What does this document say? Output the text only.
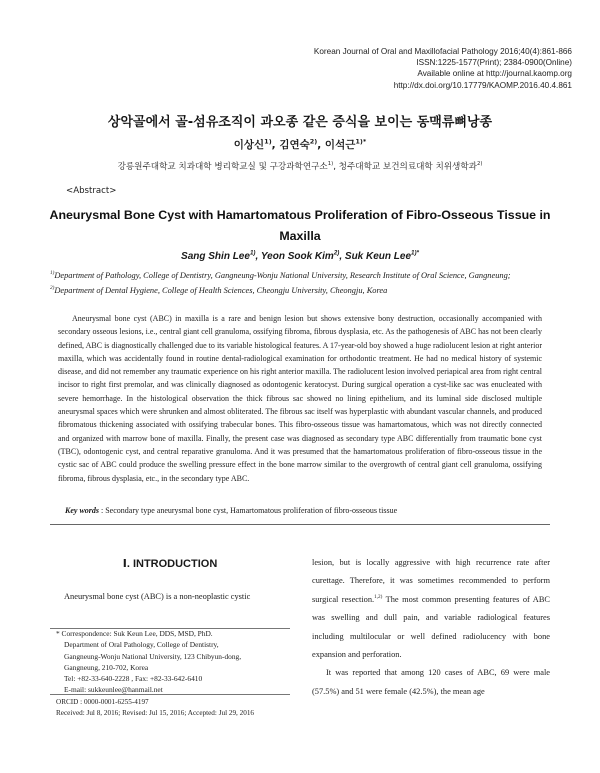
Korean Journal of Oral and Maxillofacial Pathology 2016;40(4):861-866
ISSN:1225-1577(Print); 2384-0900(Online)
Available online at http://journal.kaomp.org
http://dx.doi.org/10.17779/KAOMP.2016.40.4.861
상악골에서 골-섬유조직이 과오종 같은 증식을 보이는 동맥류뼈낭종
이상신$^{1)}$, 김연숙$^{2)}$, 이석근$^{1)*}$
강릉원주대학교 치과대학 병리학교실 및 구강과학연구소$^{1)}$, 청주대학교 보건의료대학 치위생학과$^{2)}$
<Abstract>
Aneurysmal Bone Cyst with Hamartomatous Proliferation of Fibro-Osseous Tissue in Maxilla
Sang Shin Lee$^{1)}$, Yeon Sook Kim$^{2)}$, Suk Keun Lee$^{1)*}$
$^{1)}$Department of Pathology, College of Dentistry, Gangneung-Wonju National University, Research Institute of Oral Science, Gangneung; $^{2)}$Department of Dental Hygiene, College of Health Sciences, Cheongju University, Cheongju, Korea
Aneurysmal bone cyst (ABC) in maxilla is a rare and benign lesion but shows extensive bony destruction, occasionally accompanied with secondary osseous lesions, i.e., central giant cell granuloma, ossifying fibroma, fibrous dysplasia, etc. As the pathogenesis of ABC has not been clearly defined, ABC is diagnostically challenged due to its variable histological features. A 17-year-old boy showed a huge radiolucent lesion at right anterior maxilla, which was accidentally found in routine dental-radiological examination for orthodontic treatment. He had no medical history of systemic disease, and did not remember any traumatic experience on his right anterior maxilla. The radiolucent lesion involved periapical area from right central incisor to right first premolar, and was clinically diagnosed as odontogenic keratocyst. During surgical operation a cyst-like sac was enucleated with severe hemorrhage. In the histological observation the thick fibrous sac showed no lining epithelium, and its luminal side disclosed multiple aneurysmal spaces which were shrunken and almost obliterated. The fibrous sac itself was hyperplastic with abundant vascular channels, and produced fibromatous thickening associated with ossifying trabecular bones. This fibro-osseous tissue was hamartomatous, which was not directly connected and organized with marrow bone of maxilla. Finally, the present case was diagnosed as secondary type ABC differentially from traumatic bone cyst (TBC), odontogenic cyst, and central reparative granuloma. And it was presumed that the hamartomatous proliferation of fibro-osseous tissue in the cystic sac of ABC could produce the swelling pressure effect in the bone marrow similar to the overgrowth of central giant cell granuloma, ossifying fibroma, fibrous dysplasia, etc., in the secondary type ABC.
Key words : Secondary type aneurysmal bone cyst, Hamartomatous proliferation of fibro-osseous tissue
Ⅰ. INTRODUCTION
Aneurysmal bone cyst (ABC) is a non-neoplastic cystic
* Correspondence: Suk Keun Lee, DDS, MSD, PhD.
Department of Oral Pathology, College of Dentistry,
Gangneung-Wonju National University, 123 Chibyun-dong,
Gangneung, 210-702, Korea
Tel: +82-33-640-2228 , Fax: +82-33-642-6410
E-mail: sukkeunlee@hanmail.net
ORCID : 0000-0001-6255-4197
Received: Jul 8, 2016; Revised: Jul 15, 2016; Accepted: Jul 29, 2016
lesion, but is locally aggressive with high recurrence rate after curettage. Therefore, it was sometimes recommended to perform surgical resection.$^{1,2)}$ The most common presenting features of ABC was swelling and dull pain, and variable radiological features including multilocular or well defined radiolucency with bone expansion and perforation.
It was reported that among 120 cases of ABC, 69 were male (57.5%) and 51 were female (42.5%), the mean age
